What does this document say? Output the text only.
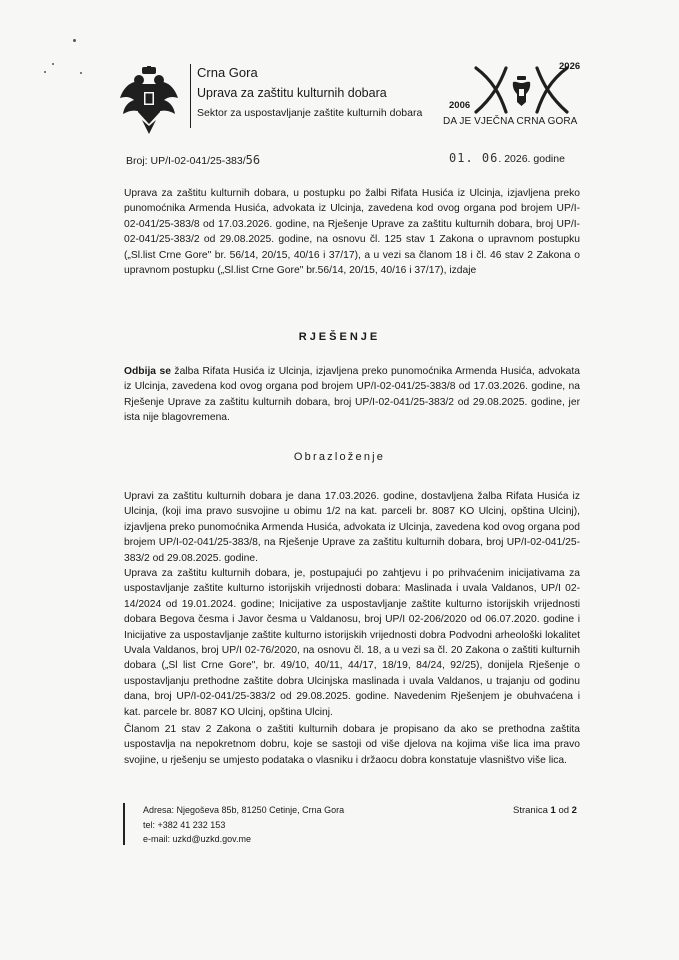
Crna Gora
Uprava za zaštitu kulturnih dobara
Sektor za uspostavljanje zaštite kulturnih dobara
2026
2006
DA JE VJEČNA CRNA GORA
Broj: UP/I-02-041/25-383/56	01. 06. 2026. godine

Uprava za zaštitu kulturnih dobara, u postupku po žalbi Rifata Husića iz Ulcinja, izjavljena preko punomoćnika Armenda Husića, advokata iz Ulcinja, zavedena kod ovog organa pod brojem UP/I-02-041/25-383/8 od 17.03.2026. godine, na Rješenje Uprave za zaštitu kulturnih dobara, broj UP/I-02-041/25-383/2 od 29.08.2025. godine, na osnovu čl. 125 stav 1 Zakona o upravnom postupku („Sl.list Crne Gore" br. 56/14, 20/15, 40/16 i 37/17), a u vezi sa članom 18 i čl. 46 stav 2 Zakona o upravnom postupku („Sl.list Crne Gore" br.56/14, 20/15, 40/16 i 37/17), izdaje

RJEŠENJE

Odbija se žalba Rifata Husića iz Ulcinja, izjavljena preko punomoćnika Armenda Husića, advokata iz Ulcinja, zavedena kod ovog organa pod brojem UP/I-02-041/25-383/8 od 17.03.2026. godine, na Rješenje Uprave za zaštitu kulturnih dobara, broj UP/I-02-041/25-383/2 od 29.08.2025. godine, jer ista nije blagovremena.

Obrazloženje

Upravi za zaštitu kulturnih dobara je dana 17.03.2026. godine, dostavljena žalba Rifata Husića iz Ulcinja, (koji ima pravo susvojine u obimu 1/2 na kat. parceli br. 8087 KO Ulcinj, opština Ulcinj), izjavljena preko punomoćnika Armenda Husića, advokata iz Ulcinja, zavedena kod ovog organa pod brojem UP/I-02-041/25-383/8, na Rješenje Uprave za zaštitu kulturnih dobara, broj UP/I-02-041/25-383/2 od 29.08.2025. godine.

Uprava za zaštitu kulturnih dobara, je, postupajući po zahtjevu i po prihvaćenim inicijativama za uspostavljanje zaštite kulturno istorijskih vrijednosti dobara: Maslinada i uvala Valdanos, UP/I 02-14/2024 od 19.01.2024. godine; Inicijative za uspostavljanje zaštite kulturno istorijskih vrijednosti dobara Begova česma i Javor česma u Valdanosu, broj UP/I 02-206/2020 od 06.07.2020. godine i Inicijative za uspostavljanje zaštite kulturno istorijskih vrijednosti dobra Podvodni arheološki lokalitet Uvala Valdanos, broj UP/I 02-76/2020, na osnovu čl. 18, a u vezi sa čl. 20 Zakona o zaštiti kulturnih dobara („Sl list Crne Gore", br. 49/10, 40/11, 44/17, 18/19, 84/24, 92/25), donijela Rješenje o uspostavljanju prethodne zaštite dobra Ulcinjska maslinada i uvala Valdanos, u trajanju od godinu dana, broj UP/I-02-041/25-383/2 od 29.08.2025. godine. Navedenim Rješenjem je obuhvaćena i kat. parcele br. 8087 KO Ulcinj, opština Ulcinj.

Članom 21 stav 2 Zakona o zaštiti kulturnih dobara je propisano da ako se prethodna zaštita uspostavlja na nepokretnom dobru, koje se sastoji od više djelova na kojima više lica ima pravo svojine, u rješenju se umjesto podataka o vlasniku i držaocu dobra konstatuje vlasništvo više lica.

Adresa: Njegoševa 85b, 81250 Cetinje, Crna Gora
tel: +382 41 232 153
e-mail: uzkd@uzkd.gov.me
Stranica 1 od 2
